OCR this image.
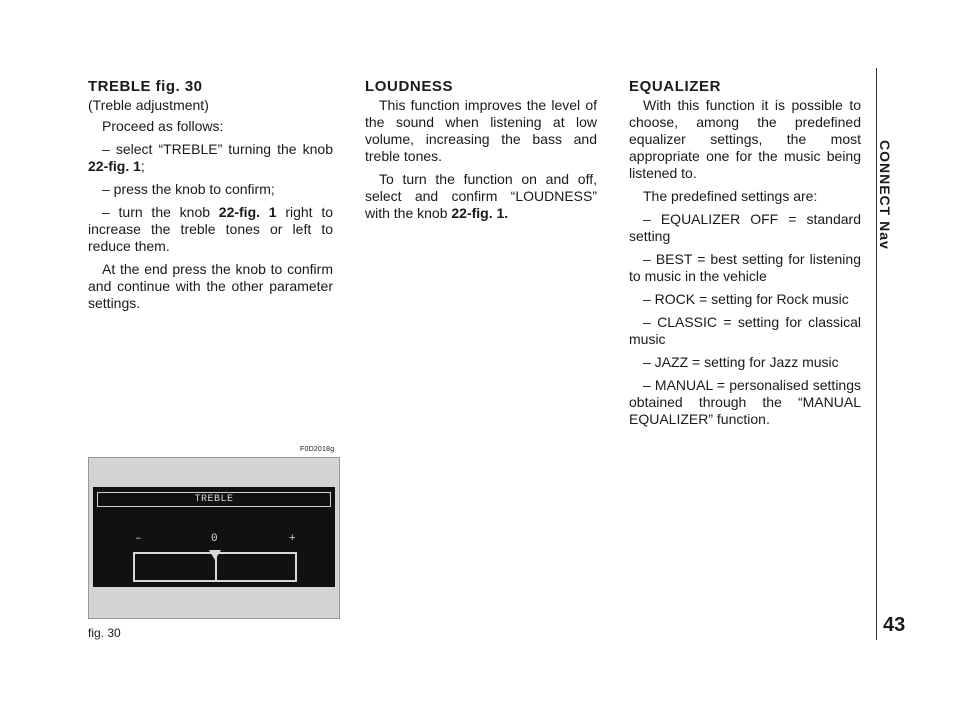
TREBLE fig. 30

(Treble adjustment)

Proceed as follows:

– select “TREBLE” turning the knob 22-fig. 1;

– press the knob to confirm;

– turn the knob 22-fig. 1 right to increase the treble tones or left to reduce them.

At the end press the knob to confirm and continue with the other parameter settings.

LOUDNESS

This function improves the level of the sound when listening at low volume, increasing the bass and treble tones.

To turn the function on and off, select and confirm “LOUDNESS” with the knob 22-fig. 1.

EQUALIZER

With this function it is possible to choose, among the predefined equalizer settings, the most appropriate one for the music being listened to.

The predefined settings are:

– EQUALIZER OFF = standard setting

– BEST = best setting for listening to music in the vehicle

– ROCK = setting for Rock music

– CLASSIC = setting for classical music

– JAZZ = setting for Jazz music

– MANUAL = personalised settings obtained through the “MANUAL EQUALIZER” function.

CONNECT Nav
43
F0D2018g
TREBLE
–	0	+
fig. 30
